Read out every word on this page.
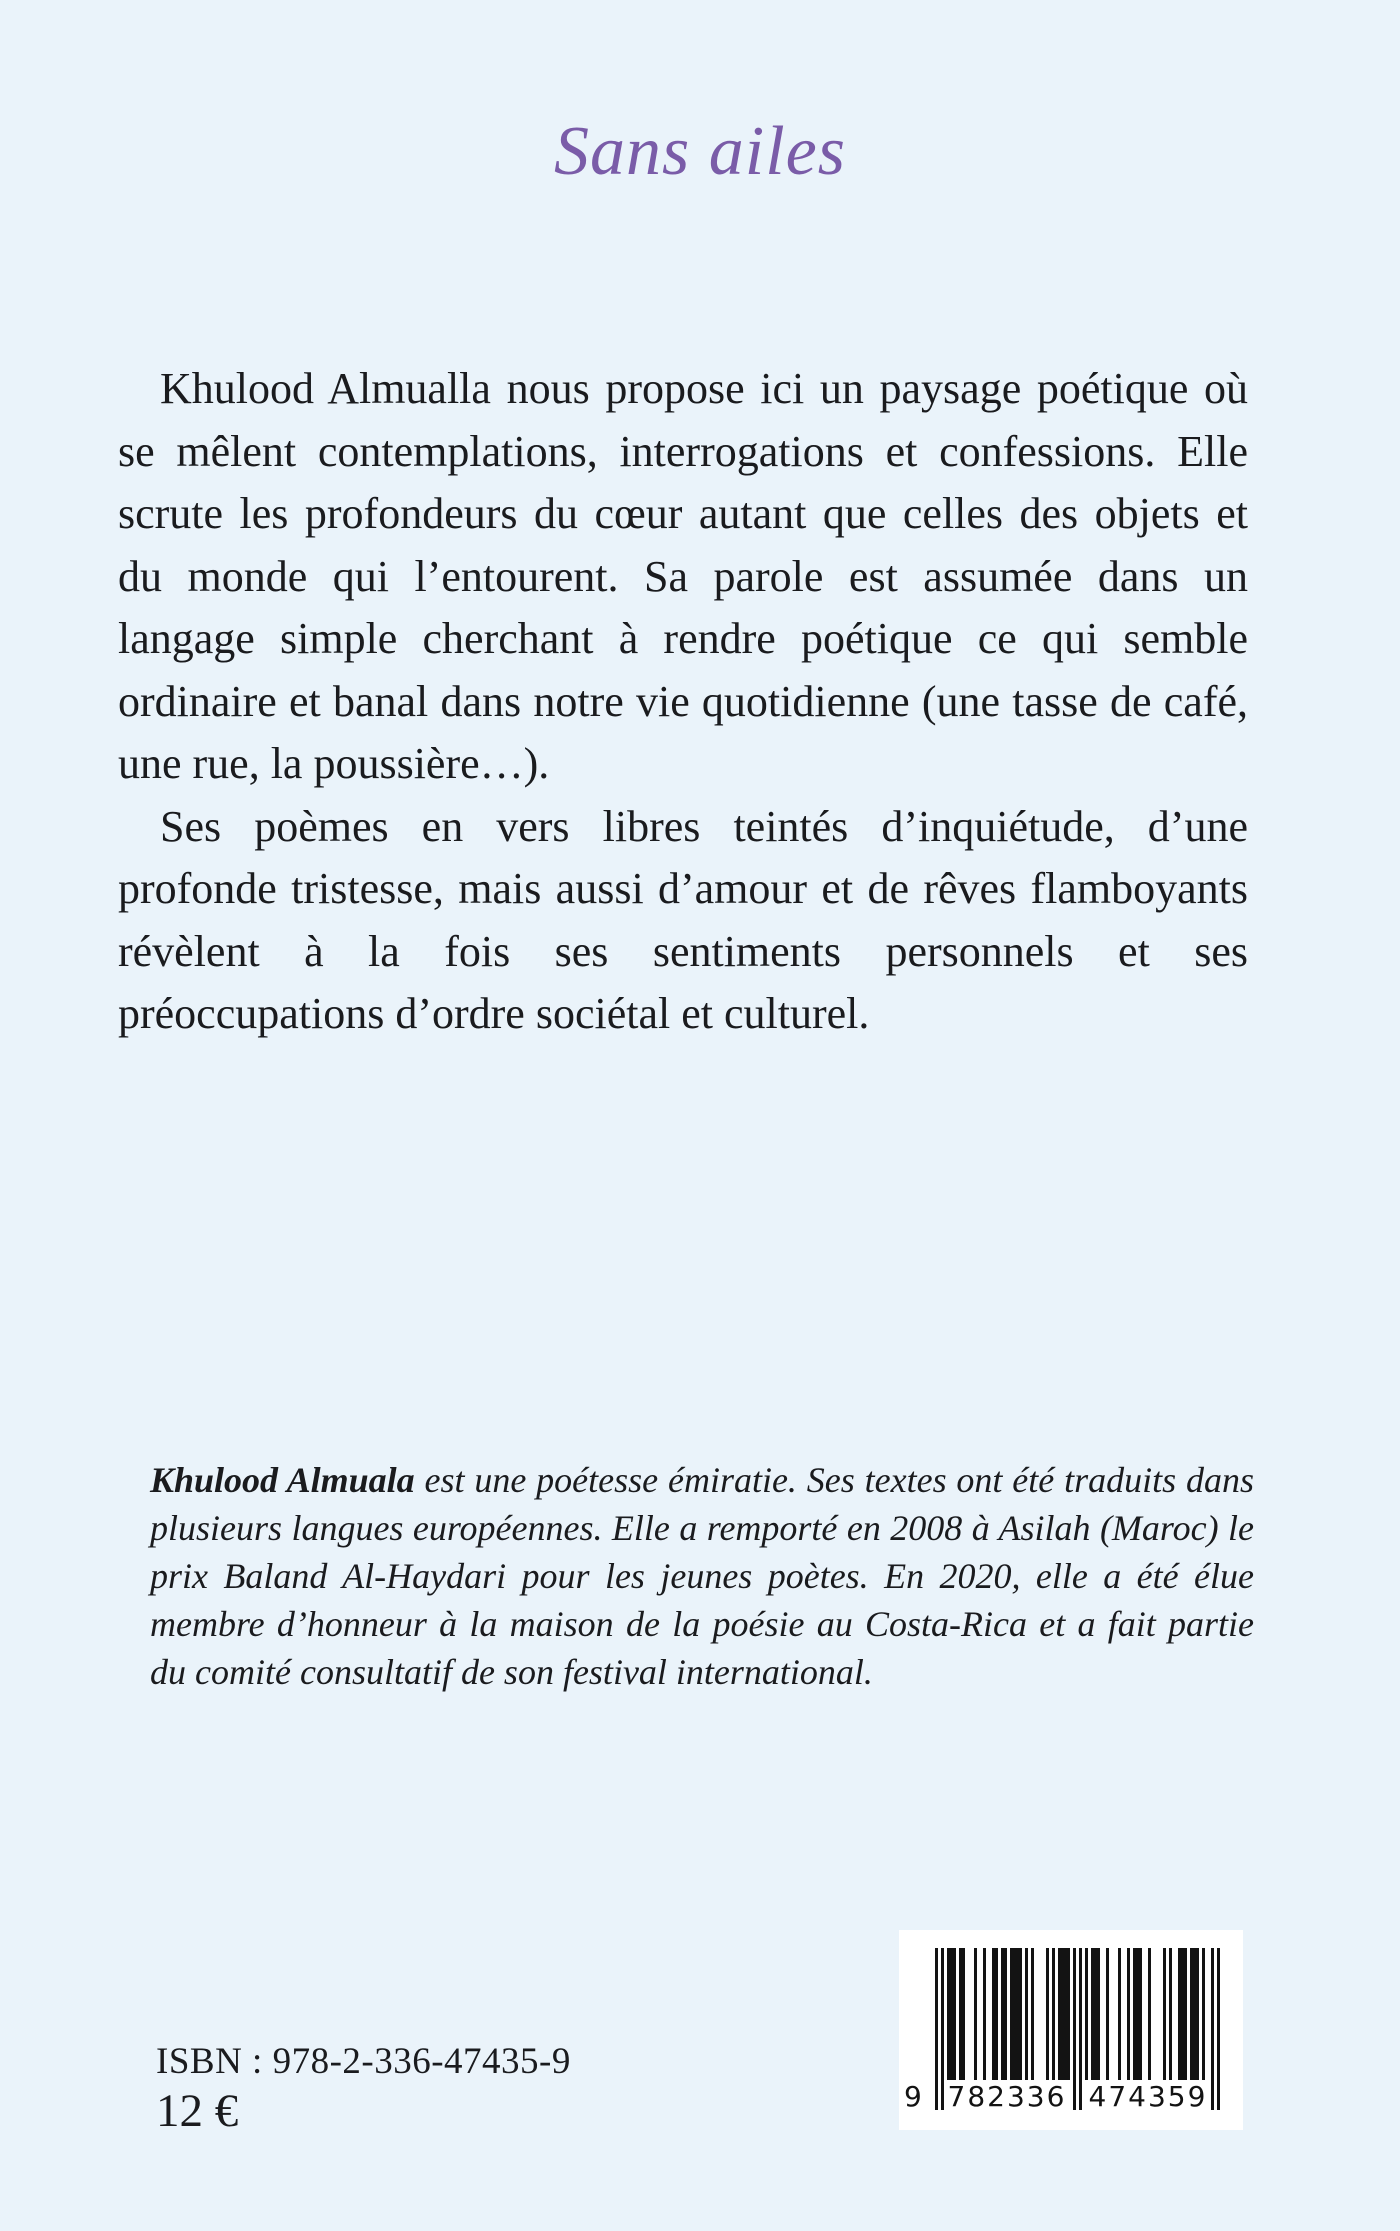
Sans ailes

Khulood Almualla nous propose ici un paysage poétique où se mêlent contemplations, interrogations et confessions. Elle scrute les profondeurs du cœur autant que celles des objets et du monde qui l’entourent. Sa parole est assumée dans un langage simple cherchant à rendre poétique ce qui semble ordinaire et banal dans notre vie quotidienne (une tasse de café, une rue, la poussière…).

Ses poèmes en vers libres teintés d’inquiétude, d’une profonde tristesse, mais aussi d’amour et de rêves flamboyants révèlent à la fois ses sentiments personnels et ses préoccupations d’ordre sociétal et culturel.

Khulood Almuala est une poétesse émiratie. Ses textes ont été traduits dans plusieurs langues européennes. Elle a remporté en 2008 à Asilah (Maroc) le prix Baland Al-Haydari pour les jeunes poètes. En 2020, elle a été élue membre d’honneur à la maison de la poésie au Costa-Rica et a fait partie du comité consultatif de son festival international.
9 782336 474359
ISBN : 978-2-336-47435-9
12 €
